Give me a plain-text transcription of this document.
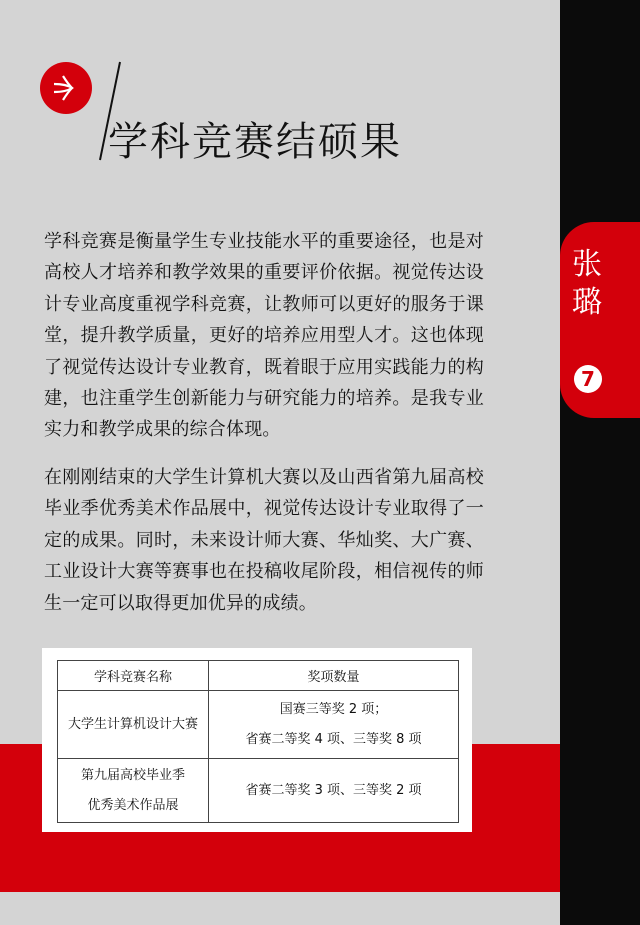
张
璐
7
学科竞赛结硕果

学科竞赛是衡量学生专业技能水平的重要途径，也是对高校人才培养和教学效果的重要评价依据。视觉传达设计专业高度重视学科竞赛，让教师可以更好的服务于课堂，提升教学质量，更好的培养应用型人才。这也体现了视觉传达设计专业教育，既着眼于应用实践能力的构建，也注重学生创新能力与研究能力的培养。是我专业实力和教学成果的综合体现。

在刚刚结束的大学生计算机大赛以及山西省第九届高校毕业季优秀美术作品展中，视觉传达设计专业取得了一定的成果。同时，未来设计师大赛、华灿奖、大广赛、工业设计大赛等赛事也在投稿收尾阶段，相信视传的师生一定可以取得更加优异的成绩。

学科竞赛名称	奖项数量

大学生计算机设计大赛	国赛三等奖 2 项；
省赛二等奖 4 项、三等奖 8 项

第九届高校毕业季
优秀美术作品展	省赛二等奖 3 项、三等奖 2 项
